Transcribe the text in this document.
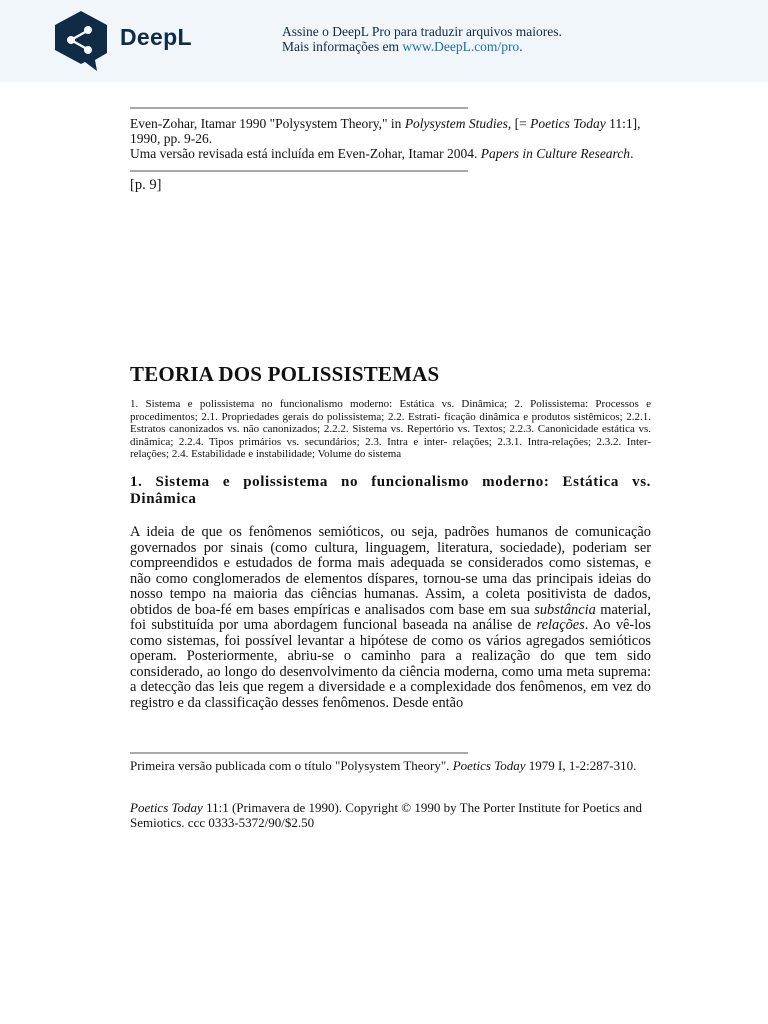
DeepL	Assine o DeepL Pro para traduzir arquivos maiores.
Mais informações em www.DeepL.com/pro.
Even-Zohar, Itamar 1990 "Polysystem Theory," in Polysystem Studies, [= Poetics Today 11:1], 1990, pp. 9-26.
Uma versão revisada está incluída em Even-Zohar, Itamar 2004. Papers in Culture Research.
[p. 9]
TEORIA DOS POLISSISTEMAS
1. Sistema e polissistema no funcionalismo moderno: Estática vs. Dinâmica; 2. Polissistema: Processos e procedimentos; 2.1. Propriedades gerais do polissistema; 2.2. Estrati- ficação dinâmica e produtos sistêmicos; 2.2.1. Estratos canonizados vs. não canonizados; 2.2.2. Sistema vs. Repertório vs. Textos; 2.2.3. Canonicidade estática vs. dinâmica; 2.2.4. Tipos primários vs. secundários; 2.3. Intra e inter- relações; 2.3.1. Intra-relações; 2.3.2. Inter-relações; 2.4. Estabilidade e instabilidade; Volume do sistema
1. Sistema e polissistema no funcionalismo moderno: Estática vs. Dinâmica
A ideia de que os fenômenos semióticos, ou seja, padrões humanos de comunicação governados por sinais (como cultura, linguagem, literatura, sociedade), poderiam ser compreendidos e estudados de forma mais adequada se considerados como sistemas, e não como conglomerados de elementos díspares, tornou-se uma das principais ideias do nosso tempo na maioria das ciências humanas. Assim, a coleta positivista de dados, obtidos de boa-fé em bases empíricas e analisados com base em sua substância material, foi substituída por uma abordagem funcional baseada na análise de relações. Ao vê-los como sistemas, foi possível levantar a hipótese de como os vários agregados semióticos operam. Posteriormente, abriu-se o caminho para a realização do que tem sido considerado, ao longo do desenvolvimento da ciência moderna, como uma meta suprema: a detecção das leis que regem a diversidade e a complexidade dos fenômenos, em vez do registro e da classificação desses fenômenos. Desde então
Primeira versão publicada com o título "Polysystem Theory". Poetics Today 1979 I, 1-2:287-310.
Poetics Today 11:1 (Primavera de 1990). Copyright © 1990 by The Porter Institute for Poetics and Semiotics. ccc 0333-5372/90/$2.50
